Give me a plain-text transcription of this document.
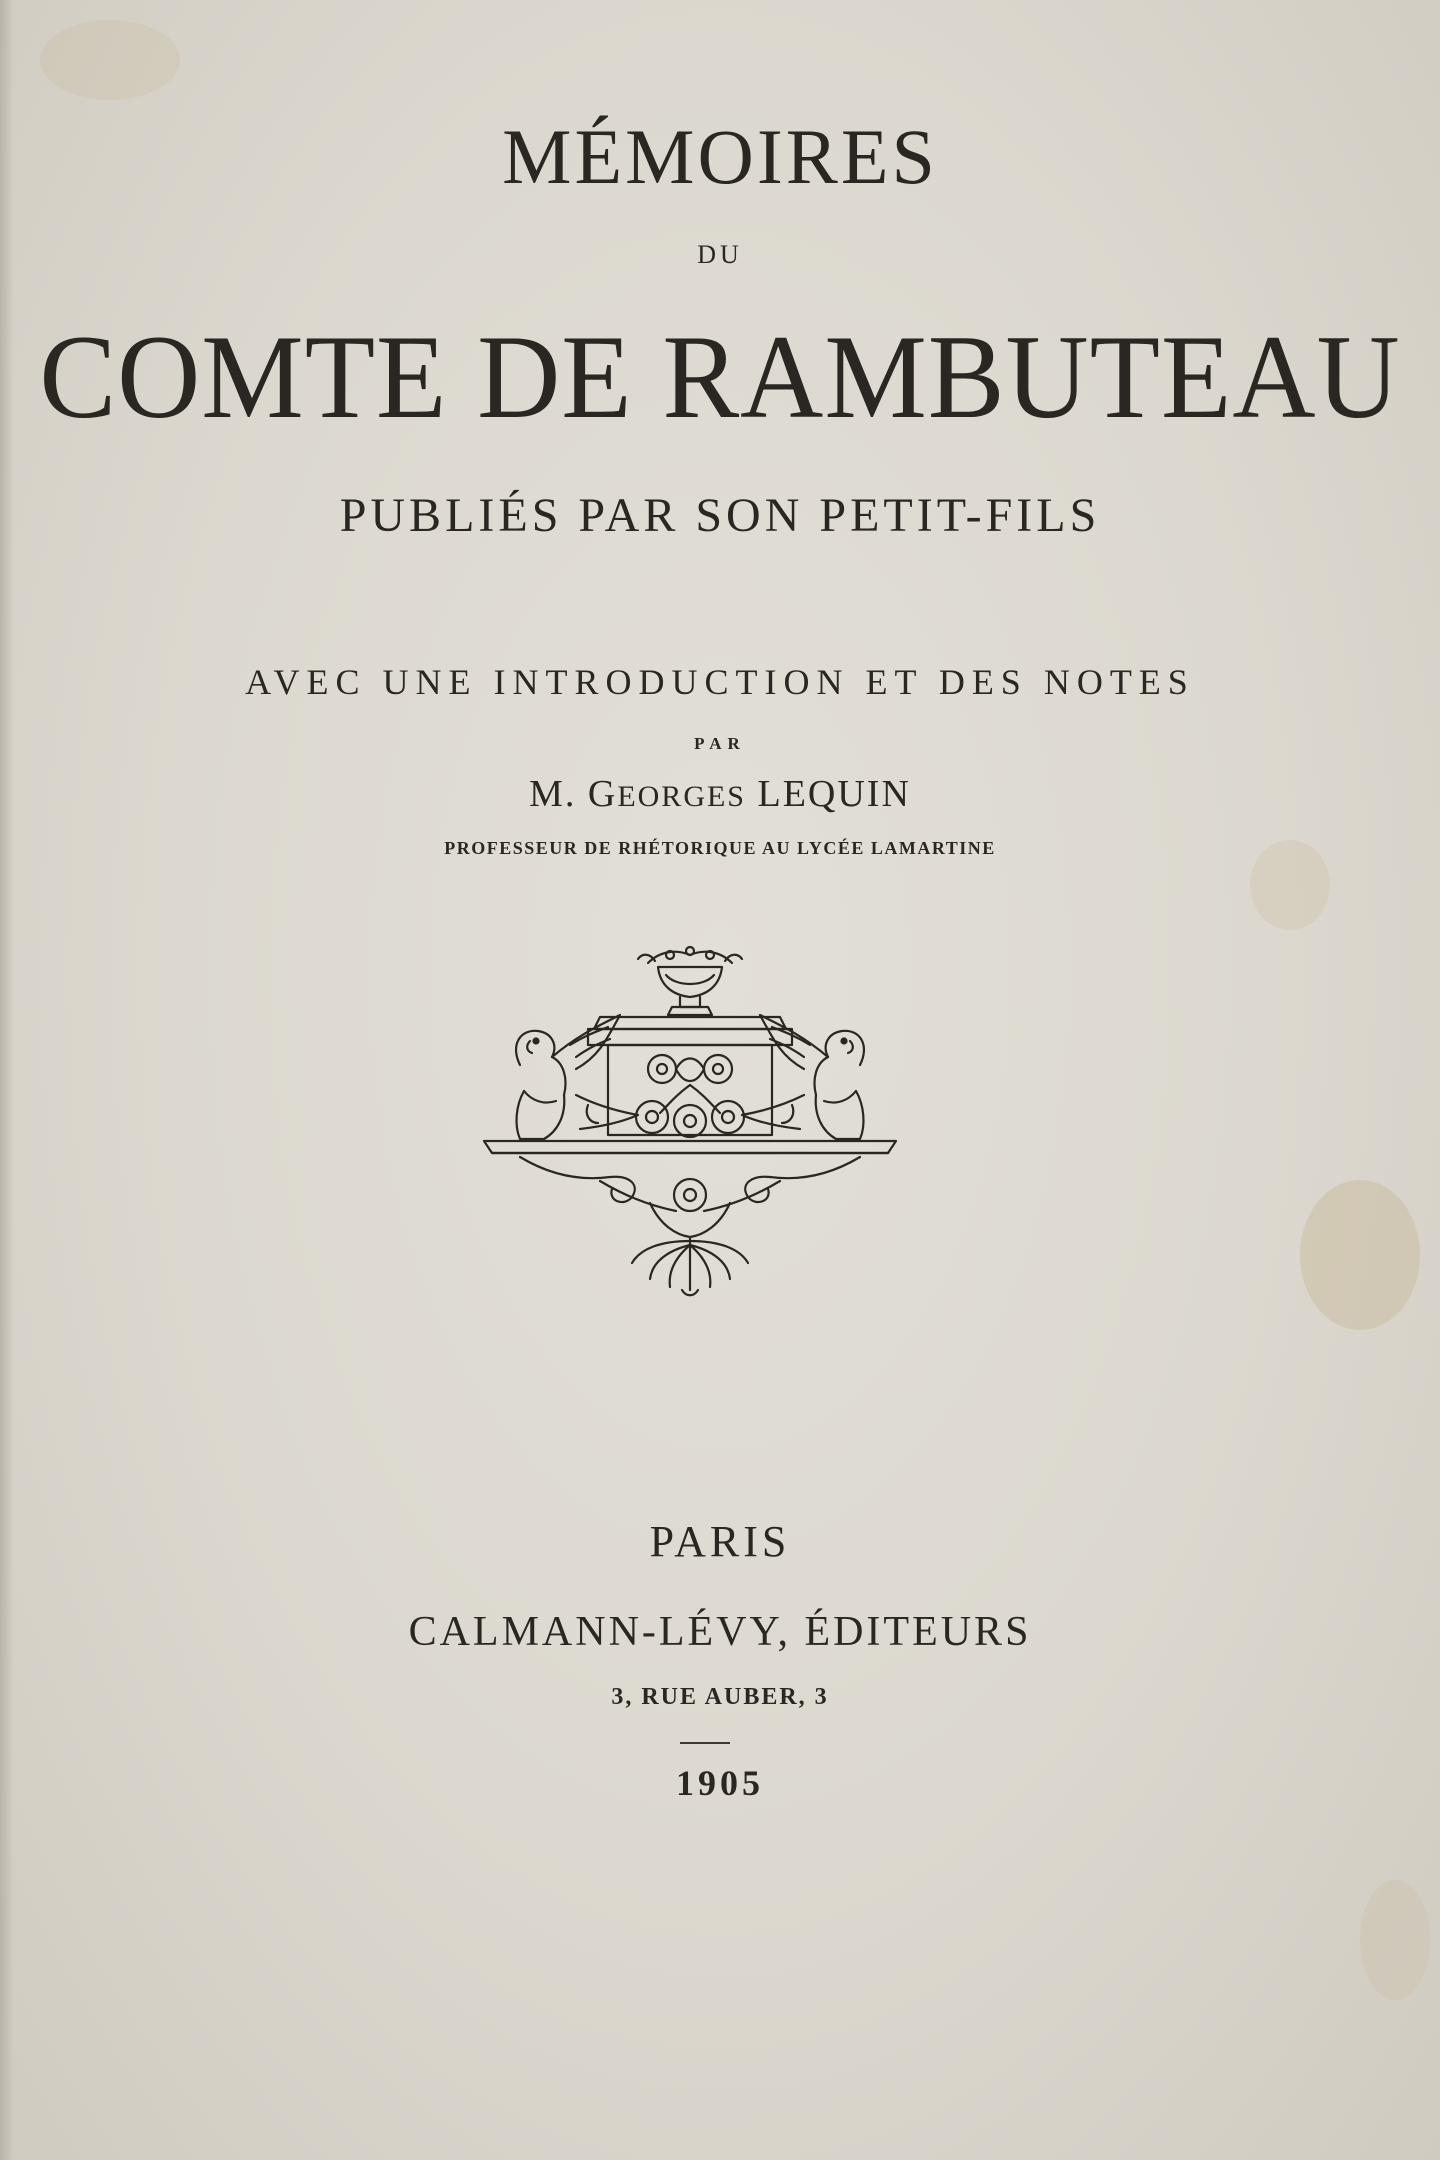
MÉMOIRES
DU
COMTE DE RAMBUTEAU
PUBLIÉS PAR SON PETIT-FILS
AVEC UNE INTRODUCTION ET DES NOTES
PAR
M. GEORGES LEQUIN
PROFESSEUR DE RHÉTORIQUE AU LYCÉE LAMARTINE
PARIS
CALMANN-LÉVY, ÉDITEURS
3, RUE AUBER, 3
1905
